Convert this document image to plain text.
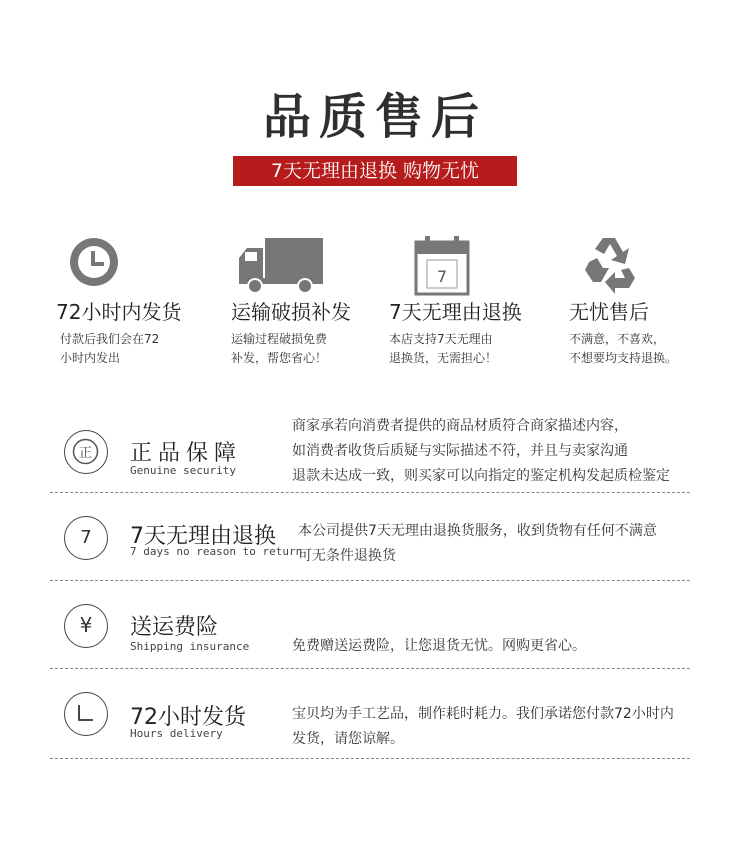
品质售后
7天无理由退换 购物无忧
72小时内发货
付款后我们会在72
小时内发出
运输破损补发
运输过程破损免费
补发，帮您省心！
7
7天无理由退换
本店支持7天无理由
退换货，无需担心！
无忧售后
不满意，不喜欢，
不想要均支持退换。
正 正品保障
Genuine security
商家承若向消费者提供的商品材质符合商家描述内容，
如消费者收货后质疑与实际描述不符，并且与卖家沟通
退款未达成一致，则买家可以向指定的鉴定机构发起质检鉴定
7	7天无理由退换
7 days no reason to return
本公司提供7天无理由退换货服务，收到货物有任何不满意
可无条件退换货
¥	送运费险
Shipping insurance	免费赠送运费险，让您退货无忧。网购更省心。
72小时发货
Hours delivery
宝贝均为手工艺品，制作耗时耗力。我们承诺您付款72小时内
发货，请您谅解。
